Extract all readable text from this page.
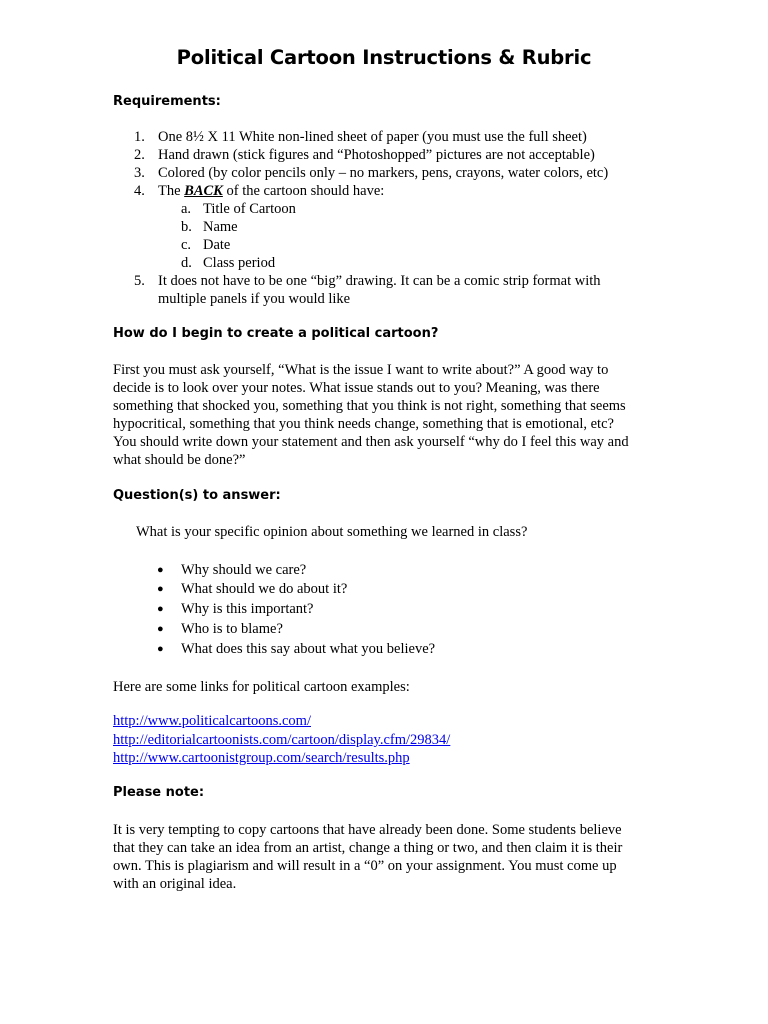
Political Cartoon Instructions & Rubric
Requirements:
1. One 8½ X 11 White non-lined sheet of paper (you must use the full sheet)
2. Hand drawn (stick figures and “Photoshopped” pictures are not acceptable)
3. Colored (by color pencils only – no markers, pens, crayons, water colors, etc)
4. The BACK of the cartoon should have:
a. Title of Cartoon
b. Name
c. Date
d. Class period
5. It does not have to be one “big” drawing. It can be a comic strip format with
multiple panels if you would like
How do I begin to create a political cartoon?
First you must ask yourself, “What is the issue I want to write about?” A good way to
decide is to look over your notes. What issue stands out to you? Meaning, was there
something that shocked you, something that you think is not right, something that seems
hypocritical, something that you think needs change, something that is emotional, etc?
You should write down your statement and then ask yourself “why do I feel this way and
what should be done?”
Question(s) to answer:
What is your specific opinion about something we learned in class?
● Why should we care?
● What should we do about it?
● Why is this important?
● Who is to blame?
● What does this say about what you believe?
Here are some links for political cartoon examples:
http://www.politicalcartoons.com/
http://editorialcartoonists.com/cartoon/display.cfm/29834/
http://www.cartoonistgroup.com/search/results.php
Please note:
It is very tempting to copy cartoons that have already been done. Some students believe
that they can take an idea from an artist, change a thing or two, and then claim it is their
own. This is plagiarism and will result in a “0” on your assignment. You must come up
with an original idea.
